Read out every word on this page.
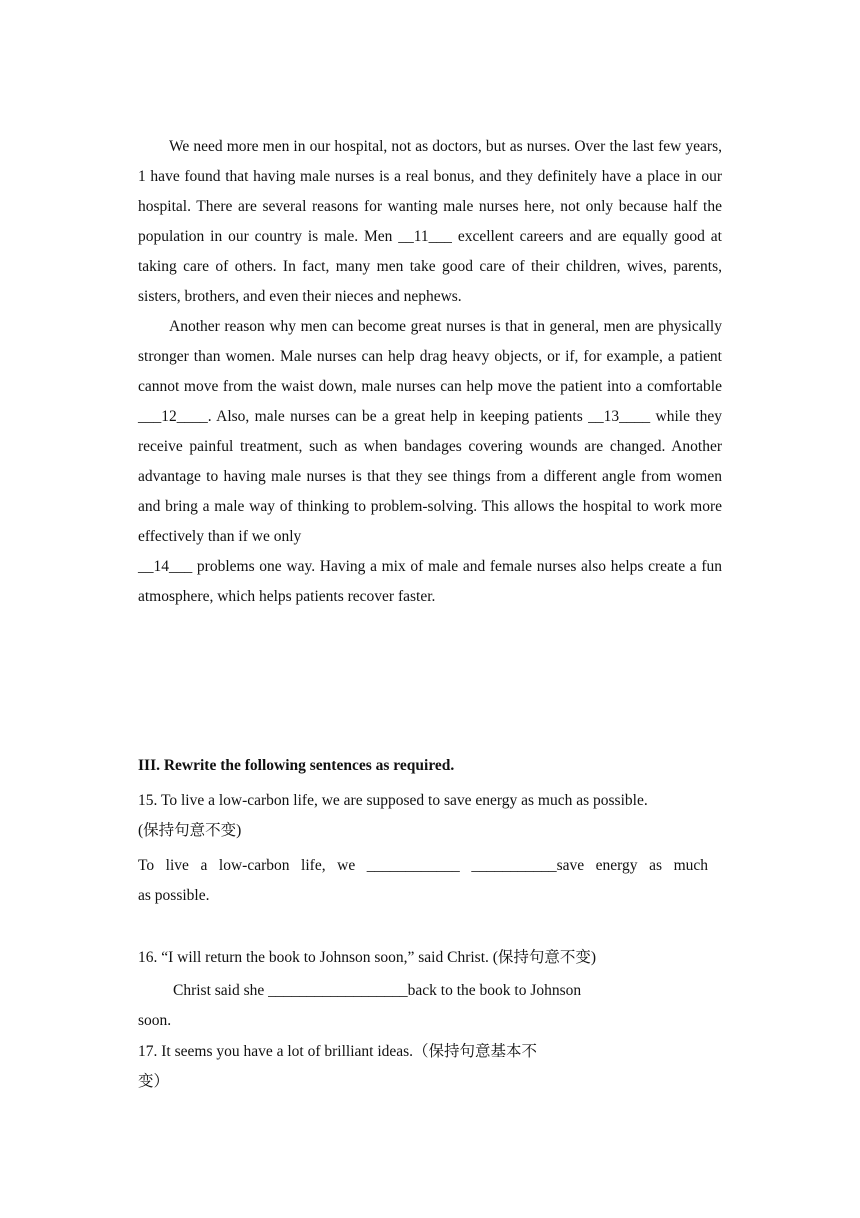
We need more men in our hospital, not as doctors, but as nurses. Over the last few years, 1 have found that having male nurses is a real bonus, and they definitely have a place in our hospital. There are several reasons for wanting male nurses here, not only because half the population in our country is male. Men __11___ excellent careers and are equally good at taking care of others. In fact, many men take good care of their children, wives, parents, sisters, brothers, and even their nieces and nephews.

Another reason why men can become great nurses is that in general, men are physically stronger than women. Male nurses can help drag heavy objects, or if, for example, a patient cannot move from the waist down, male nurses can help move the patient into a comfortable ___12____. Also, male nurses can be a great help in keeping patients __13____ while they receive painful treatment, such as when bandages covering wounds are changed. Another advantage to having male nurses is that they see things from a different angle from women and bring a male way of thinking to problem-solving. This allows the hospital to work more effectively than if we only
__14___ problems one way. Having a mix of male and female nurses also helps create a fun atmosphere, which helps patients recover faster.

III. Rewrite the following sentences as required.
15. To live a low-carbon life, we are supposed to save energy as much as possible.
(保持句意不变)
To live a low-carbon life, we ____________ ___________save energy as much
as possible.
16. “I will return the book to Johnson soon,” said Christ. (保持句意不变)
Christ said she __________________back to the book to Johnson
soon.
17. It seems you have a lot of brilliant ideas.（保持句意基本不
变）
